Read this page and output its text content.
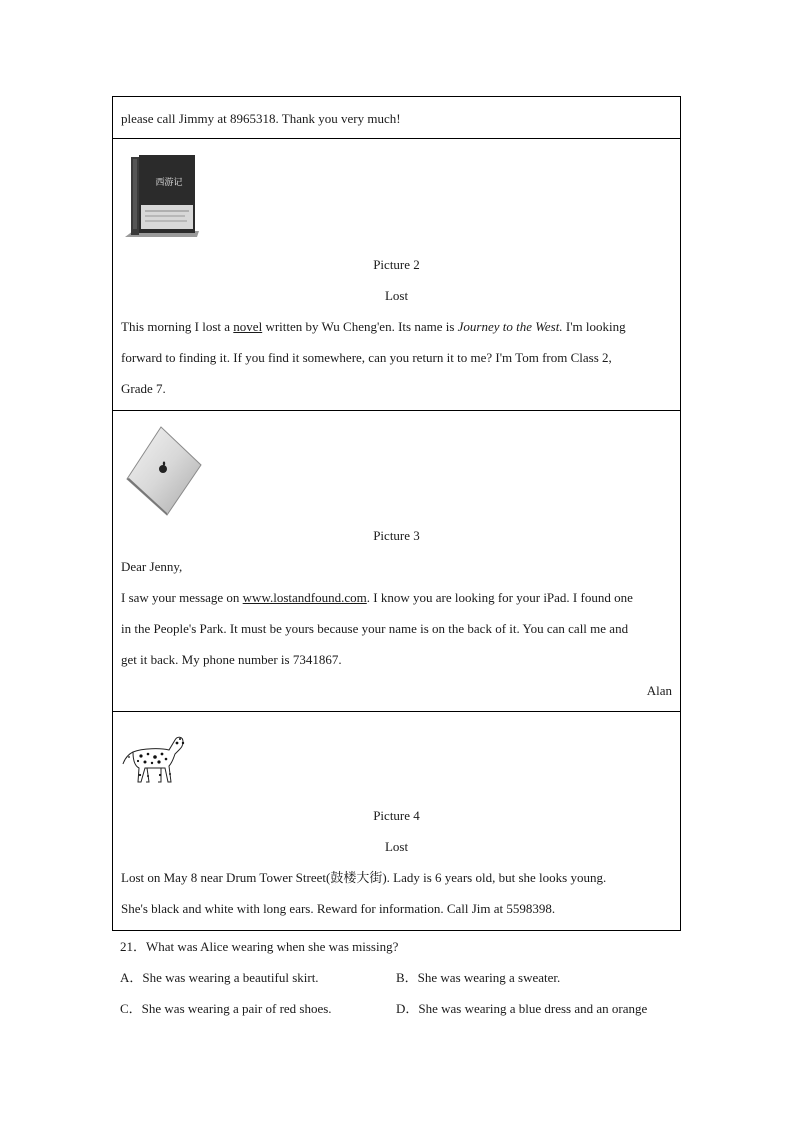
please call Jimmy at 8965318. Thank you very much!
西游记
Picture 2
Lost
This morning I lost a novel written by Wu Cheng'en. Its name is Journey to the West. I'm looking
forward to finding it. If you find it somewhere, can you return it to me? I'm Tom from Class 2,
Grade 7.
Picture 3
Dear Jenny,
I saw your message on www.lostandfound.com. I know you are looking for your iPad. I found one
in the People's Park. It must be yours because your name is on the back of it. You can call me and
get it back. My phone number is 7341867.
Alan
Picture 4
Lost
Lost on May 8 near Drum Tower Street(鼓楼大街). Lady is 6 years old, but she looks young.
She's black and white with long ears. Reward for information. Call Jim at 5598398.
21．What was Alice wearing when she was missing?
A．She was wearing a beautiful skirt.	B．She was wearing a sweater.
C．She was wearing a pair of red shoes.	D．She was wearing a blue dress and an orange
